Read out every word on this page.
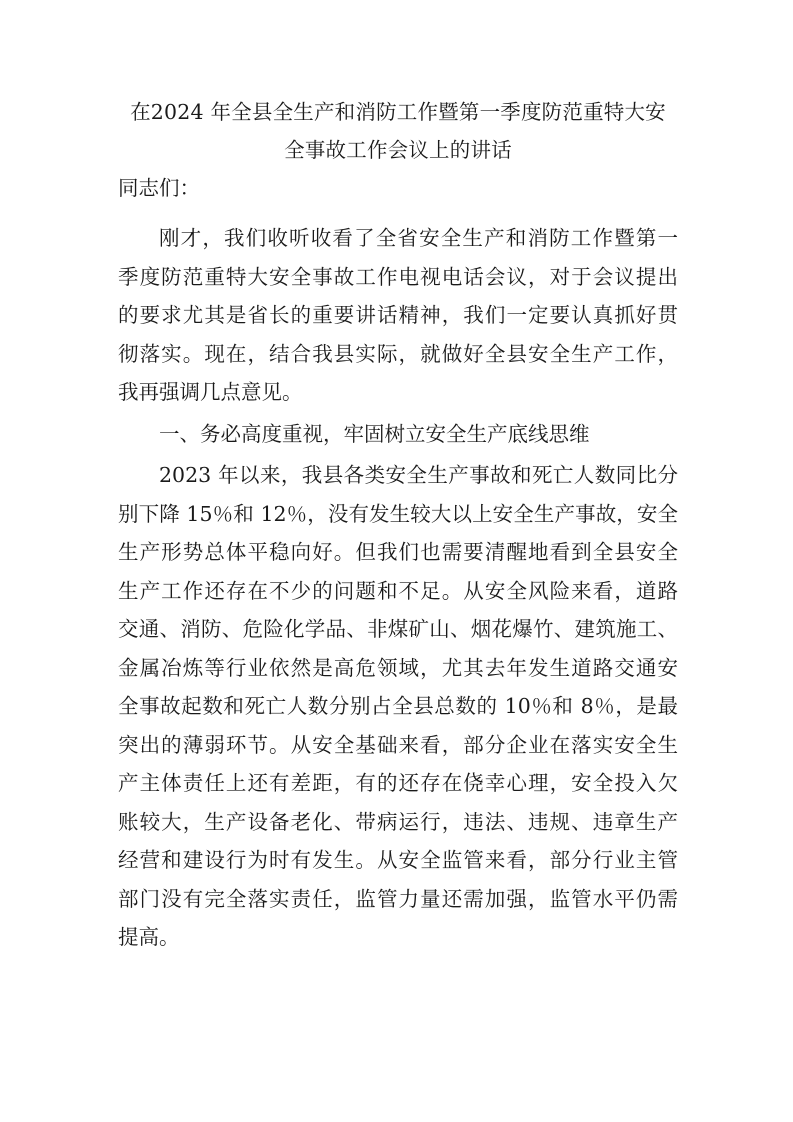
在2024 年全县全生产和消防工作暨第一季度防范重特大安
全事故工作会议上的讲话

同志们：

刚才，我们收听收看了全省安全生产和消防工作暨第一
季度防范重特大安全事故工作电视电话会议，对于会议提出
的要求尤其是省长的重要讲话精神，我们一定要认真抓好贯
彻落实。现在，结合我县实际，就做好全县安全生产工作，
我再强调几点意见。

一、务必高度重视，牢固树立安全生产底线思维

2023 年以来，我县各类安全生产事故和死亡人数同比分
别下降 15％和 12％，没有发生较大以上安全生产事故，安全
生产形势总体平稳向好。但我们也需要清醒地看到全县安全
生产工作还存在不少的问题和不足。从安全风险来看，道路
交通、消防、危险化学品、非煤矿山、烟花爆竹、建筑施工、
金属冶炼等行业依然是高危领域，尤其去年发生道路交通安
全事故起数和死亡人数分别占全县总数的 10％和 8％，是最
突出的薄弱环节。从安全基础来看，部分企业在落实安全生
产主体责任上还有差距，有的还存在侥幸心理，安全投入欠
账较大，生产设备老化、带病运行，违法、违规、违章生产
经营和建设行为时有发生。从安全监管来看，部分行业主管
部门没有完全落实责任，监管力量还需加强，监管水平仍需
提高。
